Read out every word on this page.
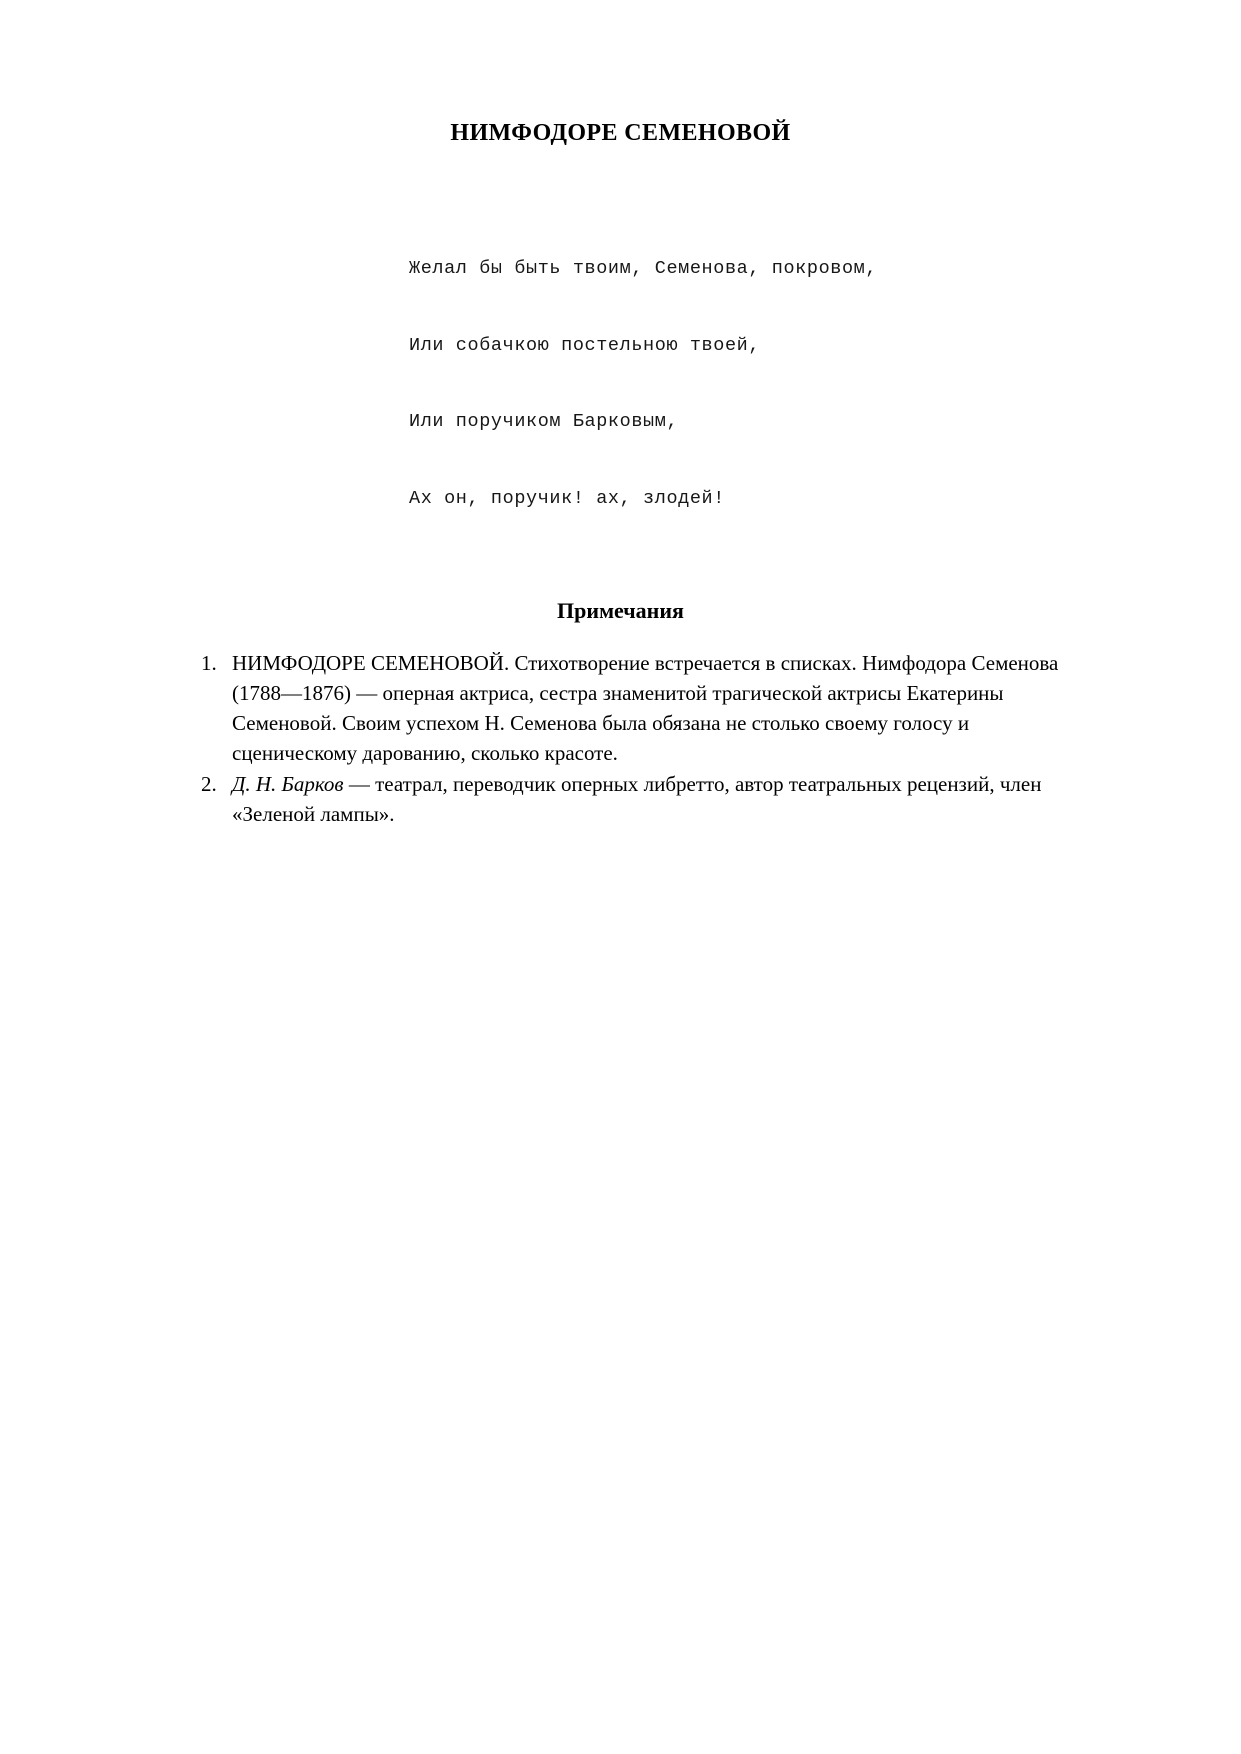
НИМФОДОРЕ СЕМЕНОВОЙ

Желал бы быть твоим, Семенова, покровом,

Или собачкою постельною твоей,

Или поручиком Барковым,

Ах он, поручик! ах, злодей!

Примечания
1. НИМФОДОРЕ СЕМЕНОВОЙ. Стихотворение встречается в списках. Нимфодора Семенова (1788—1876) — оперная актриса, сестра знаменитой трагической актрисы Екатерины Семеновой. Своим успехом Н. Семенова была обязана не столько своему голосу и сценическому дарованию, сколько красоте.
2. Д. Н. Барков — театрал, переводчик оперных либретто, автор театральных рецензий, член «Зеленой лампы».
